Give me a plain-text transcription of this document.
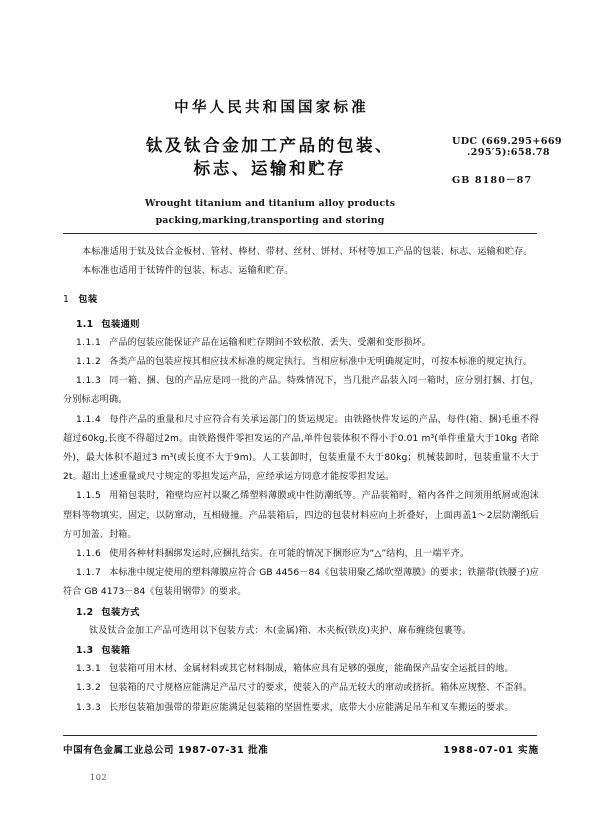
中华人民共和国国家标准
钛及钛合金加工产品的包装、
标志、运输和贮存
Wrought titanium and titanium alloy products
packing,marking,transporting and storing
UDC (669.295+669
.295′5):658.78
GB 8180－87

本标准适用于钛及钛合金板材、管材、棒材、带材、丝材、饼材、环材等加工产品的包装、标志、运输和贮存。

本标准也适用于钛铸件的包装、标志、运输和贮存。

1 包装

1.1 包装通则

1.1.1 产品的包装应能保证产品在运输和贮存期间不致松散、丢失、受潮和变形损坏。

1.1.2 各类产品的包装应按其相应技术标准的规定执行。当相应标准中无明确规定时，可按本标准的规定执行。

1.1.3 同一箱、捆、包的产品应是同一批的产品。特殊情况下，当几批产品装入同一箱时，应分别打捆、打包，分别标志明确。

1.1.4 每件产品的重量和尺寸应符合有关承运部门的货运规定。由铁路快件发运的产品，每件(箱、捆)毛重不得超过60kg,长度不得超过2m。由铁路慢件零担发运的产品,单件包装体积不得小于0.01 m³(单件重量大于10kg 者除外)，最大体积不超过3 m³(或长度不大于9m)。人工装卸时，包装重量不大于80kg；机械装卸时，包装重量不大于2t。超出上述重量或尺寸规定的零担发运产品，应经承运方同意才能按零担发运。

1.1.5 用箱包装时，箱壁均应衬以聚乙烯塑料薄膜或中性防潮纸等。产品装箱时，箱内各件之间须用纸屑或泡沫塑料等物填实、固定，以防窜动，互相碰撞。产品装箱后，四边的包装材料应向上折叠好，上面再盖1～2层防潮纸后方可加盖、封箱。

1.1.6 使用各种材料捆绑发运时,应捆扎结实。在可能的情况下捆形应为“△”结构，且一端平齐。

1.1.7 本标准中规定使用的塑料薄膜应符合 GB 4456－84《包装用聚乙烯吹塑薄膜》的要求；铁箍带(铁腰子)应符合 GB 4173－84《包装用钢带》的要求。

1.2 包装方式

钛及钛合金加工产品可选用以下包装方式：木(金属)箱、木夹板(铁皮)夹护、麻布缠绕包裹等。

1.3 包装箱

1.3.1 包装箱可用木材、金属材料或其它材料制成，箱体应具有足够的强度，能确保产品安全运抵目的地。

1.3.2 包装箱的尺寸规格应能满足产品尺寸的要求，使装入的产品无较大的窜动或挤折。箱体应规整、不歪斜。

1.3.3 长形包装箱加强带的带距应能满足包装箱的坚固性要求，底带大小应能满足吊车和叉车搬运的要求。

中国有色金属工业总公司 1987-07-31 批准	1988-07-01 实施
102
